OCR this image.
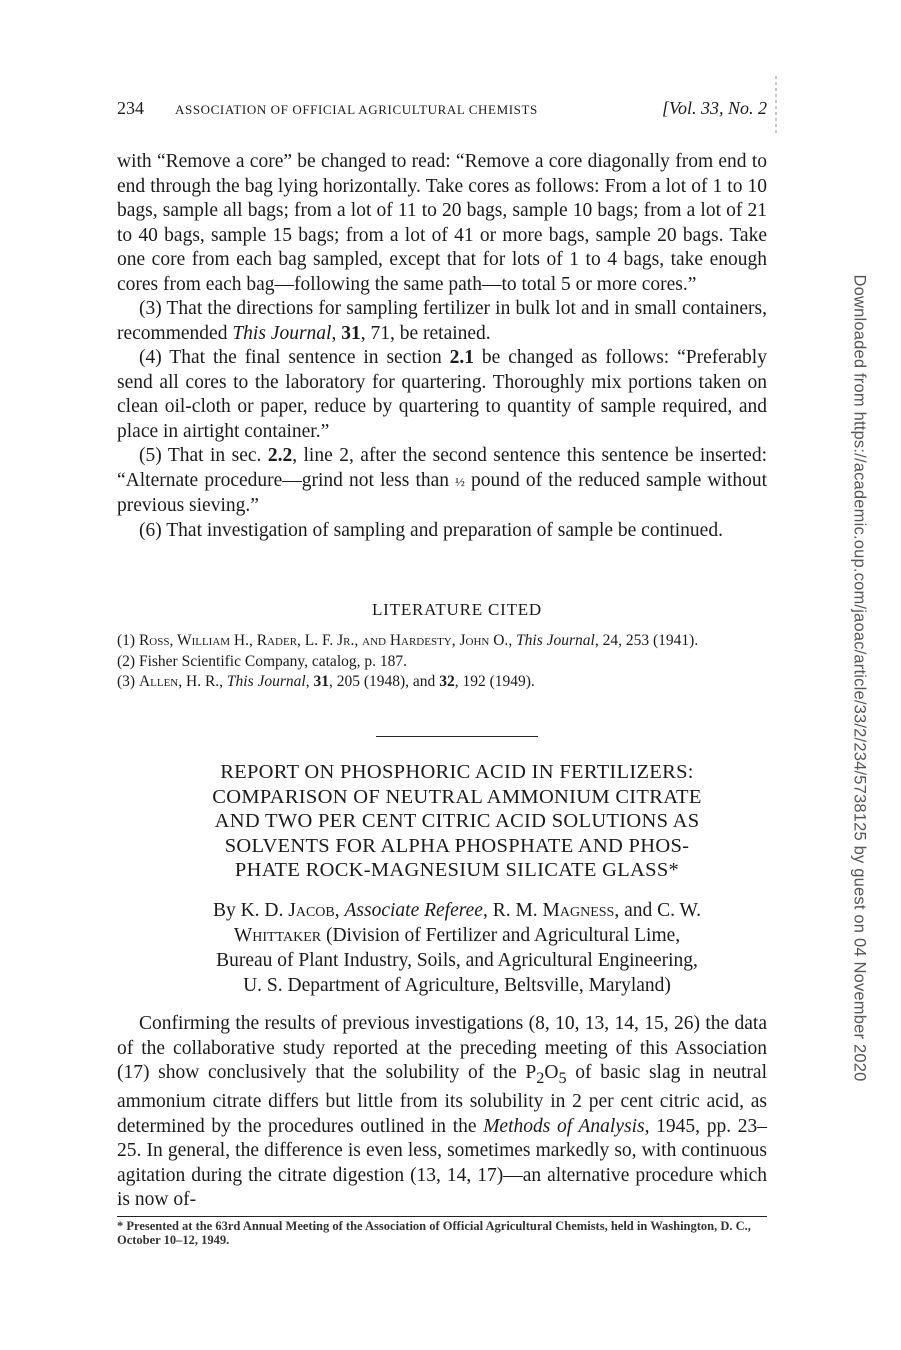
234 ASSOCIATION OF OFFICIAL AGRICULTURAL CHEMISTS	[Vol. 33, No. 2

with “Remove a core” be changed to read: “Remove a core diagonally from end to end through the bag lying horizontally. Take cores as follows: From a lot of 1 to 10 bags, sample all bags; from a lot of 11 to 20 bags, sample 10 bags; from a lot of 21 to 40 bags, sample 15 bags; from a lot of 41 or more bags, sample 20 bags. Take one core from each bag sampled, except that for lots of 1 to 4 bags, take enough cores from each bag—following the same path—to total 5 or more cores.”

(3) That the directions for sampling fertilizer in bulk lot and in small containers, recommended This Journal, 31, 71, be retained.

(4) That the final sentence in section 2.1 be changed as follows: “Preferably send all cores to the laboratory for quartering. Thoroughly mix portions taken on clean oil-cloth or paper, reduce by quartering to quantity of sample required, and place in airtight container.”

(5) That in sec. 2.2, line 2, after the second sentence this sentence be inserted: “Alternate procedure—grind not less than ½ pound of the reduced sample without previous sieving.”

(6) That investigation of sampling and preparation of sample be continued.

LITERATURE CITED

(1) Ross, William H., Rader, L. F. Jr., and Hardesty, John O., This Journal, 24, 253 (1941).

(2) Fisher Scientific Company, catalog, p. 187.

(3) Allen, H. R., This Journal, 31, 205 (1948), and 32, 192 (1949).

REPORT ON PHOSPHORIC ACID IN FERTILIZERS:
COMPARISON OF NEUTRAL AMMONIUM CITRATE
AND TWO PER CENT CITRIC ACID SOLUTIONS AS
SOLVENTS FOR ALPHA PHOSPHATE AND PHOS-
PHATE ROCK-MAGNESIUM SILICATE GLASS*
By K. D. Jacob, Associate Referee, R. M. Magness, and C. W.
Whittaker (Division of Fertilizer and Agricultural Lime,
Bureau of Plant Industry, Soils, and Agricultural Engineering,
U. S. Department of Agriculture, Beltsville, Maryland)

Confirming the results of previous investigations (8, 10, 13, 14, 15, 26) the data of the collaborative study reported at the preceding meeting of this Association (17) show conclusively that the solubility of the $P_2O_5$ of basic slag in neutral ammonium citrate differs but little from its solubility in 2 per cent citric acid, as determined by the procedures outlined in the Methods of Analysis, 1945, pp. 23–25. In general, the difference is even less, sometimes markedly so, with continuous agitation during the citrate digestion (13, 14, 17)—an alternative procedure which is now of-

* Presented at the 63rd Annual Meeting of the Association of Official Agricultural Chemists, held in Washington, D. C., October 10–12, 1949.
Downloaded from https://academic.oup.com/jaoac/article/33/2/234/5738125 by guest on 04 November 2020
